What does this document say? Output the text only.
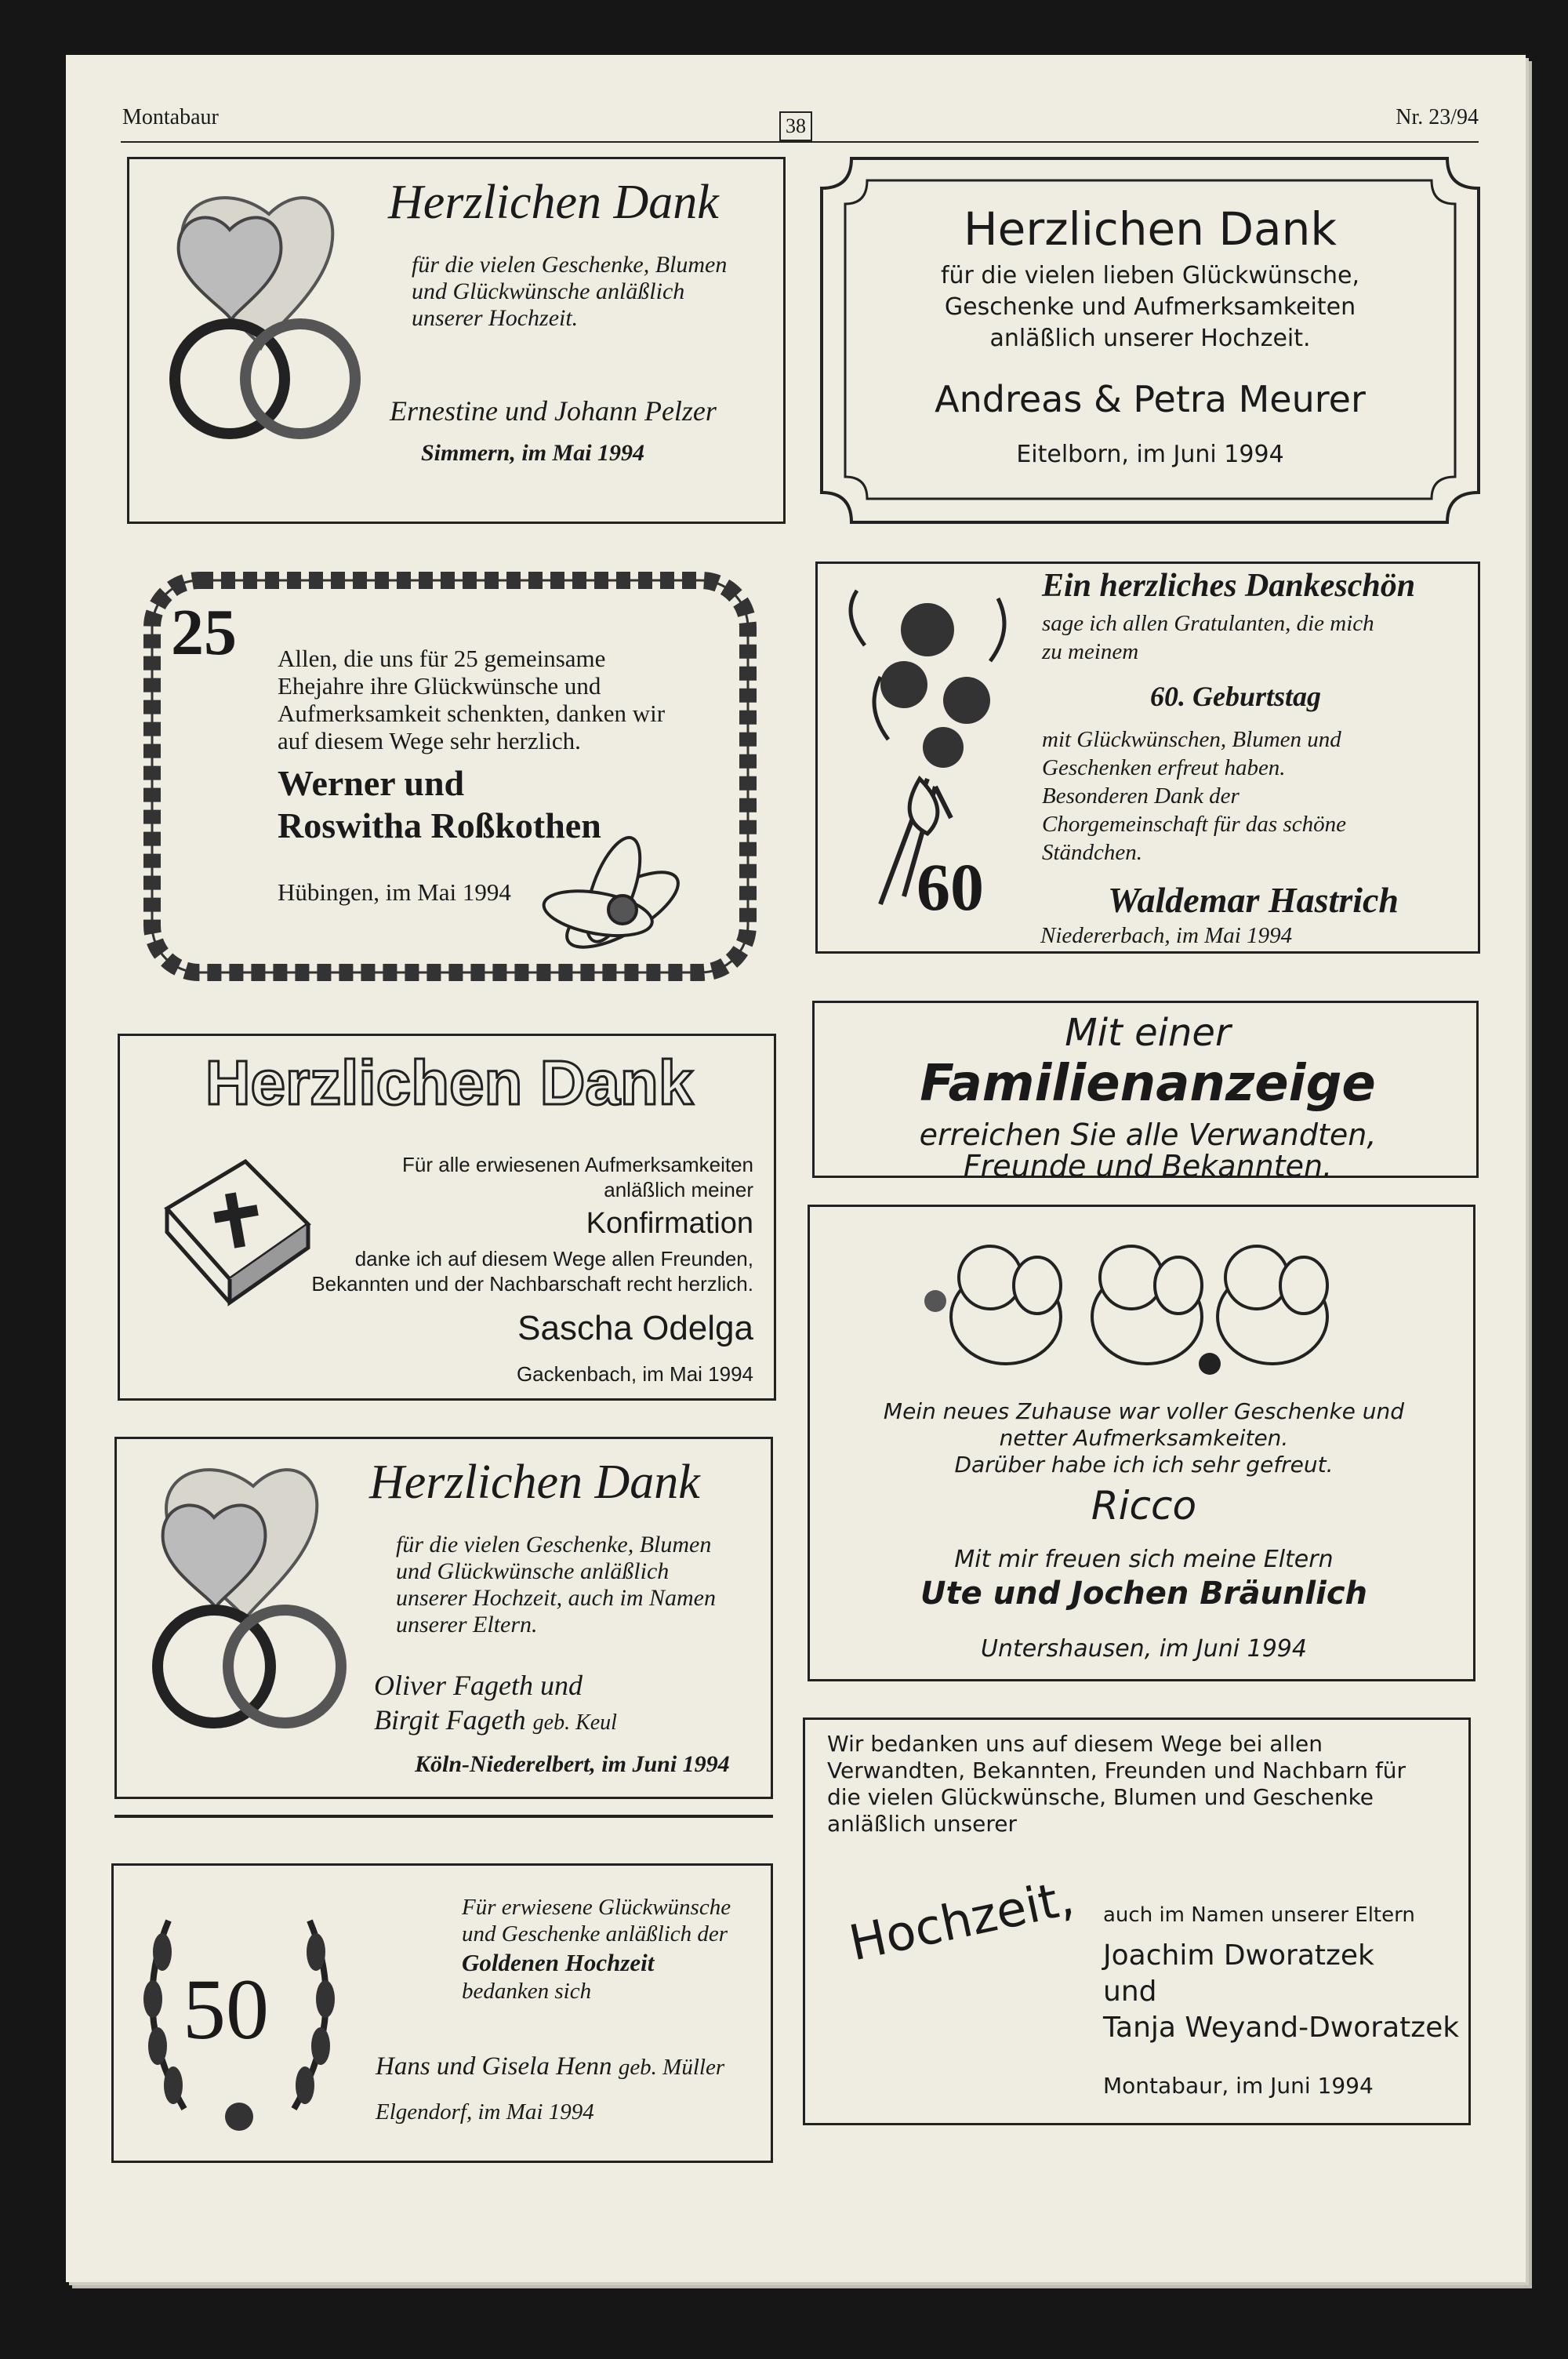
Montabaur	38	Nr. 23/94
Herzlichen Dank
für die vielen Geschenke, Blumen
und Glückwünsche anläßlich
unserer Hochzeit.
Ernestine und Johann Pelzer
Simmern, im Mai 1994
Herzlichen Dank
für die vielen lieben Glückwünsche,
Geschenke und Aufmerksamkeiten
anläßlich unserer Hochzeit.
Andreas & Petra Meurer
Eitelborn, im Juni 1994
25 Allen, die uns für 25 gemeinsame
Ehejahre ihre Glückwünsche und
Aufmerksamkeit schenkten, danken wir
auf diesem Wege sehr herzlich.
Werner und
Roswitha Roßkothen
Hübingen, im Mai 1994
Ein herzliches Dankeschön
sage ich allen Gratulanten, die mich
zu meinem
60. Geburtstag
mit Glückwünschen, Blumen und
Geschenken erfreut haben.
Besonderen Dank der
Chorgemeinschaft für das schöne
Ständchen.
60	Waldemar Hastrich
Niedererbach, im Mai 1994
Herzlichen Dank
Für alle erwiesenen Aufmerksamkeiten
anläßlich meiner
Konfirmation
danke ich auf diesem Wege allen Freunden,
Bekannten und der Nachbarschaft recht herzlich.
Sascha Odelga
Gackenbach, im Mai 1994
Mit einer
Familienanzeige
erreichen Sie alle Verwandten,
Freunde und Bekannten.
Herzlichen Dank
für die vielen Geschenke, Blumen
und Glückwünsche anläßlich
unserer Hochzeit, auch im Namen
unserer Eltern.
Oliver Fageth und
Birgit Fageth geb. Keul
Köln-Niederelbert, im Juni 1994
Mein neues Zuhause war voller Geschenke und
netter Aufmerksamkeiten.
Darüber habe ich ich sehr gefreut.
Ricco
Mit mir freuen sich meine Eltern
Ute und Jochen Bräunlich
Untershausen, im Juni 1994
50
Für erwiesene Glückwünsche
und Geschenke anläßlich der
Goldenen Hochzeit
bedanken sich
Hans und Gisela Henn geb. Müller
Elgendorf, im Mai 1994
Wir bedanken uns auf diesem Wege bei allen
Verwandten, Bekannten, Freunden und Nachbarn für
die vielen Glückwünsche, Blumen und Geschenke
anläßlich unserer
Hochzeit, auch im Namen unserer Eltern
Joachim Dworatzek
und
Tanja Weyand-Dworatzek
Montabaur, im Juni 1994
